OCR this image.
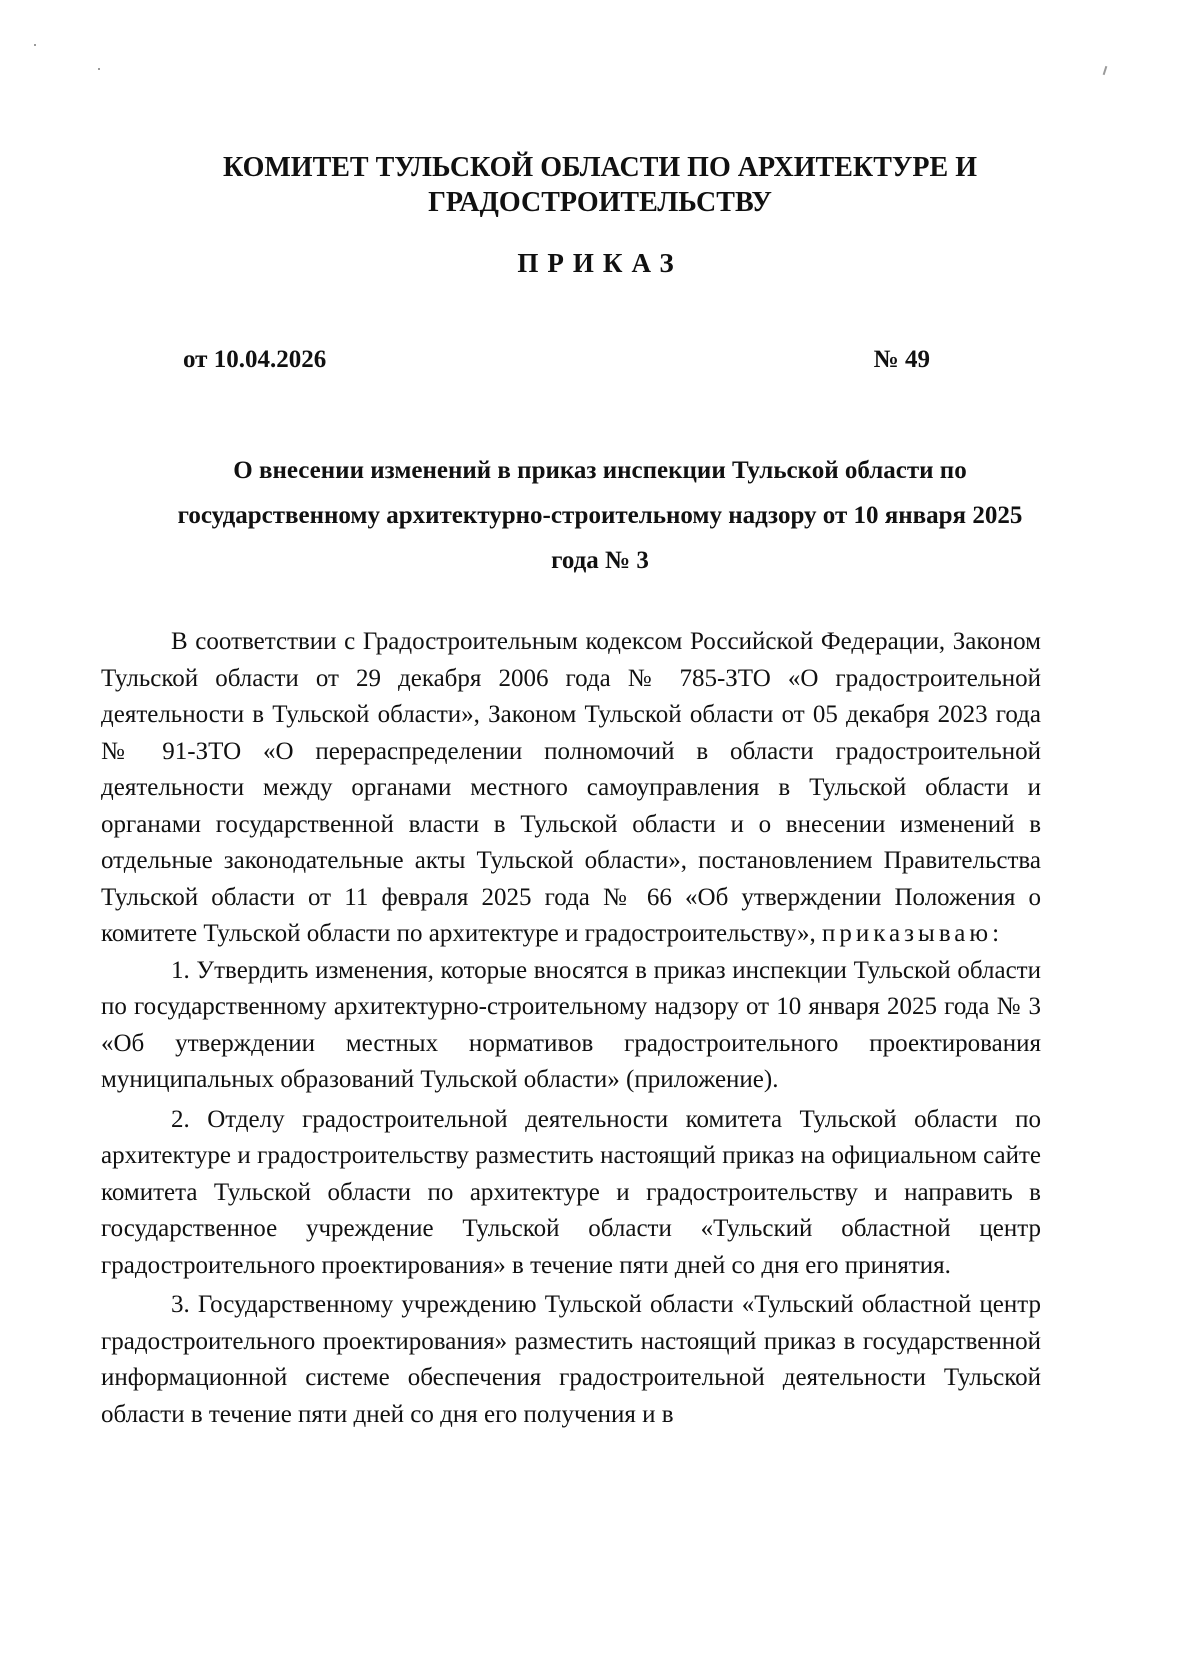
КОМИТЕТ ТУЛЬСКОЙ ОБЛАСТИ ПО АРХИТЕКТУРЕ И
ГРАДОСТРОИТЕЛЬСТВУ
ПРИКАЗ
от 10.04.2026	№ 49
О внесении изменений в приказ инспекции Тульской области по
государственному архитектурно-строительному надзору от 10 января 2025
года № 3

В соответствии с Градостроительным кодексом Российской Федерации, Законом Тульской области от 29 декабря 2006 года № 785-ЗТО «О градостроительной деятельности в Тульской области», Законом Тульской области от 05 декабря 2023 года № 91-ЗТО «О перераспределении полномочий в области градостроительной деятельности между органами местного самоуправления в Тульской области и органами государственной власти в Тульской области и о внесении изменений в отдельные законодательные акты Тульской области», постановлением Правительства Тульской области от 11 февраля 2025 года № 66 «Об утверждении Положения о комитете Тульской области по архитектуре и градостроительству», приказываю:

1. Утвердить изменения, которые вносятся в приказ инспекции Тульской области по государственному архитектурно-строительному надзору от 10 января 2025 года № 3 «Об утверждении местных нормативов градостроительного проектирования муниципальных образований Тульской области» (приложение).

2. Отделу градостроительной деятельности комитета Тульской области по архитектуре и градостроительству разместить настоящий приказ на официальном сайте комитета Тульской области по архитектуре и градостроительству и направить в государственное учреждение Тульской области «Тульский областной центр градостроительного проектирования» в течение пяти дней со дня его принятия.

3. Государственному учреждению Тульской области «Тульский областной центр градостроительного проектирования» разместить настоящий приказ в государственной информационной системе обеспечения градостроительной деятельности Тульской области в течение пяти дней со дня его получения и в
